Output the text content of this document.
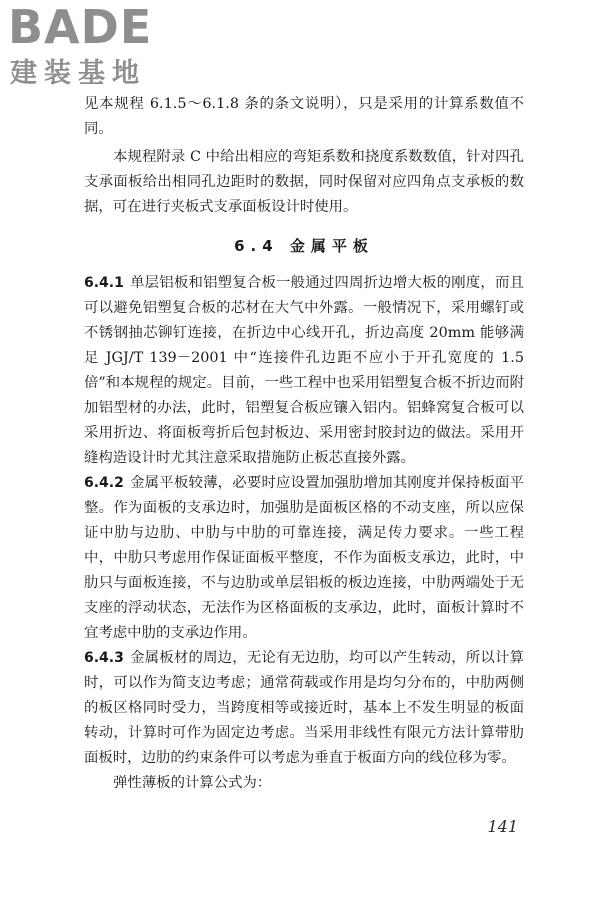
BADE
建装基地

见本规程 6.1.5～6.1.8 条的条文说明），只是采用的计算系数值不同。

本规程附录 C 中给出相应的弯矩系数和挠度系数数值，针对四孔支承面板给出相同孔边距时的数据，同时保留对应四角点支承板的数据，可在进行夹板式支承面板设计时使用。

6.4 金属平板

6.4.1 单层铝板和铝塑复合板一般通过四周折边增大板的刚度，而且可以避免铝塑复合板的芯材在大气中外露。一般情况下，采用螺钉或不锈钢抽芯铆钉连接，在折边中心线开孔，折边高度 20mm 能够满足 JGJ/T 139－2001 中“连接件孔边距不应小于开孔宽度的 1.5 倍”和本规程的规定。目前，一些工程中也采用铝塑复合板不折边而附加铝型材的办法，此时，铝塑复合板应镶入铝内。铝蜂窝复合板可以采用折边、将面板弯折后包封板边、采用密封胶封边的做法。采用开缝构造设计时尤其注意采取措施防止板芯直接外露。

6.4.2 金属平板较薄，必要时应设置加强肋增加其刚度并保持板面平整。作为面板的支承边时，加强肋是面板区格的不动支座，所以应保证中肋与边肋、中肋与中肋的可靠连接，满足传力要求。一些工程中，中肋只考虑用作保证面板平整度，不作为面板支承边，此时，中肋只与面板连接，不与边肋或单层铝板的板边连接，中肋两端处于无支座的浮动状态，无法作为区格面板的支承边，此时，面板计算时不宜考虑中肋的支承边作用。

6.4.3 金属板材的周边，无论有无边肋，均可以产生转动，所以计算时，可以作为简支边考虑；通常荷载或作用是均匀分布的，中肋两侧的板区格同时受力，当跨度相等或接近时，基本上不发生明显的板面转动，计算时可作为固定边考虑。当采用非线性有限元方法计算带肋面板时，边肋的约束条件可以考虑为垂直于板面方向的线位移为零。

弹性薄板的计算公式为：

141
